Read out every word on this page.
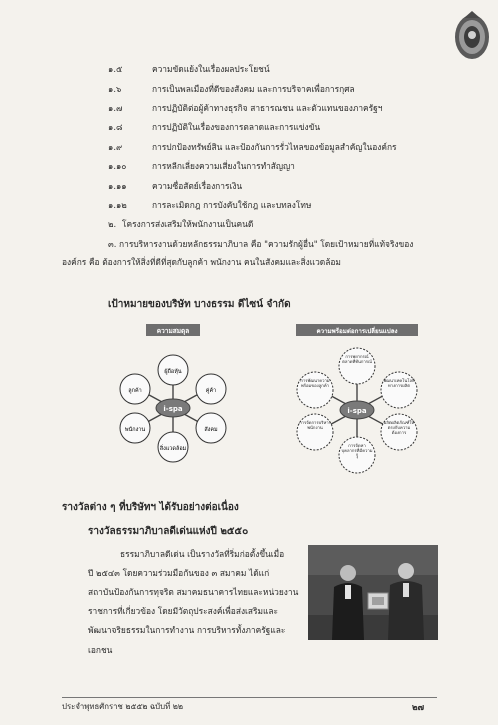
๑.๕	ความขัดแย้งในเรื่องผลประโยชน์
๑.๖	การเป็นพลเมืองที่ดีของสังคม และการบริจาคเพื่อการกุศล
๑.๗	การปฏิบัติต่อผู้ค้าทางธุรกิจ สาธารณชน และตัวแทนของภาครัฐฯ
๑.๘	การปฏิบัติในเรื่องของการตลาดและการแข่งขัน
๑.๙	การปกป้องทรัพย์สิน และป้องกันการรั่วไหลของข้อมูลสำคัญในองค์กร
๑.๑๐	การหลีกเลี่ยงความเสี่ยงในการทำสัญญา
๑.๑๑	ความซื่อสัตย์เรื่องการเงิน
๑.๑๒	การละเมิดกฎ การบังคับใช้กฎ และบทลงโทษ
๒. โครงการส่งเสริมให้พนักงานเป็นคนดี
๓. การบริหารงานด้วยหลักธรรมาภิบาล คือ "ความรักผู้อื่น" โดยเป้าหมายที่แท้จริงของ
องค์กร คือ ต้องการให้สิ่งที่ดีที่สุดกับลูกค้า พนักงาน คนในสังคมและสิ่งแวดล้อม
เป้าหมายของบริษัท บางธรรม ดีไซน์ จำกัด
ความสมดุล
i-spa
ผู้ถือหุ้น
คู่ค้า
สังคม
สิ่งแวดล้อม
พนักงาน
ลูกค้า
ความพร้อมต่อการเปลี่ยนแปลง
i-spa
การพยากรณ์ตลาดที่ทันการณ์
พัฒนาเทคโนโลยีทางการผลิต
ผลิตผลิตภัณฑ์ให้ตรงกับความต้องการ
การจัดหาบุคลากรที่มีความรู้
การจัดการบริหารพนักงาน
การพัฒนาความพร้อมของลูกค้า
รางวัลต่าง ๆ ที่บริษัทฯ ได้รับอย่างต่อเนื่อง
รางวัลธรรมาภิบาลดีเด่นแห่งปี ๒๕๕๐
ธรรมาภิบาลดีเด่น เป็นรางวัลที่ริ่มก่อตั้งขึ้นเมื่อ
ปี ๒๕๔๓ โดยความร่วมมือกันของ ๓ สมาคม ได้แก่
สถาบันป้องกันการทุจริต สมาคมธนาคารไทยและหน่วยงาน
ราชการที่เกี่ยวข้อง โดยมีวัตถุประสงค์เพื่อส่งเสริมและ
พัฒนาจริยธรรมในการทำงาน การบริหารทั้งภาครัฐและ
เอกชน
ประจำพุทธศักราช ๒๕๕๒ ฉบับที่ ๒๒	๒๗
